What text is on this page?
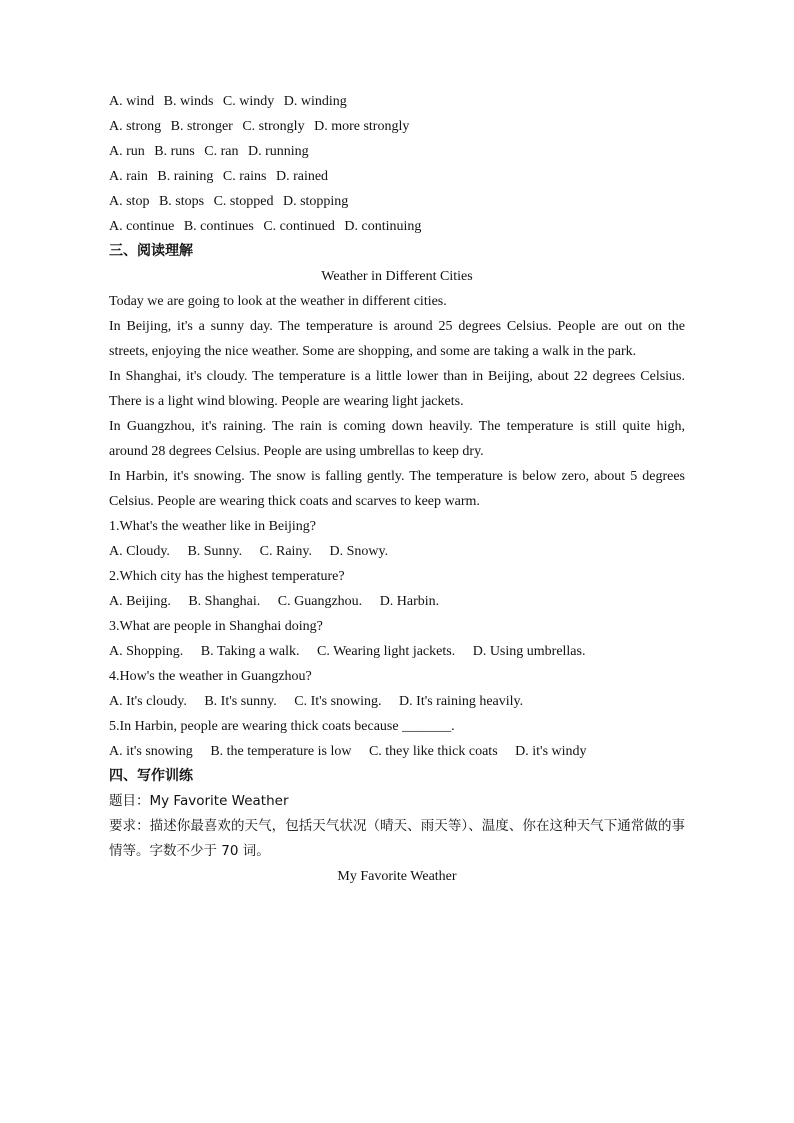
A. wind B. winds C. windy D. winding
A. strong B. stronger C. strongly D. more strongly
A. run B. runs C. ran D. running
A. rain B. raining C. rains D. rained
A. stop B. stops C. stopped D. stopping
A. continue B. continues C. continued D. continuing
三、阅读理解
Weather in Different Cities
Today we are going to look at the weather in different cities.
In Beijing, it's a sunny day. The temperature is around 25 degrees Celsius. People are out on the streets, enjoying the nice weather. Some are shopping, and some are taking a walk in the park.
In Shanghai, it's cloudy. The temperature is a little lower than in Beijing, about 22 degrees Celsius. There is a light wind blowing. People are wearing light jackets.
In Guangzhou, it's raining. The rain is coming down heavily. The temperature is still quite high, around 28 degrees Celsius. People are using umbrellas to keep dry.
In Harbin, it's snowing. The snow is falling gently. The temperature is below zero, about 5 degrees Celsius. People are wearing thick coats and scarves to keep warm.
1.What's the weather like in Beijing?
A. Cloudy. B. Sunny. C. Rainy. D. Snowy.
2.Which city has the highest temperature?
A. Beijing. B. Shanghai. C. Guangzhou. D. Harbin.
3.What are people in Shanghai doing?
A. Shopping. B. Taking a walk. C. Wearing light jackets. D. Using umbrellas.
4.How's the weather in Guangzhou?
A. It's cloudy. B. It's sunny. C. It's snowing. D. It's raining heavily.
5.In Harbin, people are wearing thick coats because _______.
A. it's snowing B. the temperature is low C. they like thick coats D. it's windy
四、写作训练
题目：My Favorite Weather
要求：描述你最喜欢的天气，包括天气状况（晴天、雨天等）、温度、你在这种天气下通常做的事情等。字数不少于 70 词。
My Favorite Weather
